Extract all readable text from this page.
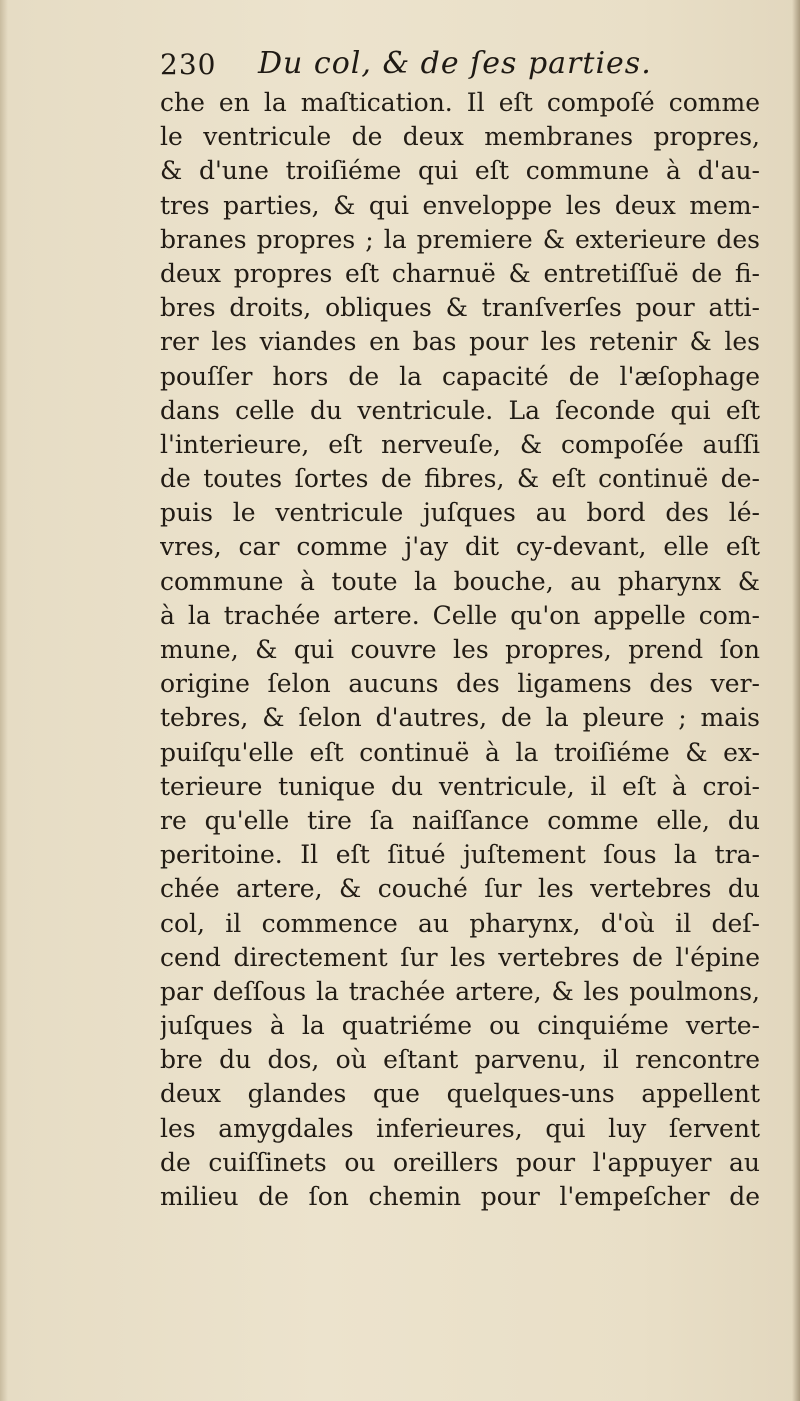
230 Du col, & de ſes parties.
che en la maſtication. Il eſt compoſé comme
le ventricule de deux membranes propres,
& d'une troiſiéme qui eſt commune à d'au-
tres parties, & qui enveloppe les deux mem-
branes propres ; la premiere & exterieure des
deux propres eſt charnuë & entretiſſuë de fi-
bres droits, obliques & tranſverſes pour atti-
rer les viandes en bas pour les retenir & les
pouſſer hors de la capacité de l'æſophage
dans celle du ventricule. La ſeconde qui eſt
l'interieure, eſt nerveuſe, & compoſée auſſi
de toutes ſortes de fibres, & eſt continuë de-
puis le ventricule juſques au bord des lé-
vres, car comme j'ay dit cy-devant, elle eſt
commune à toute la bouche, au pharynx &
à la trachée artere. Celle qu'on appelle com-
mune, & qui couvre les propres, prend ſon
origine ſelon aucuns des ligamens des ver-
tebres, & ſelon d'autres, de la pleure ; mais
puiſqu'elle eſt continuë à la troiſiéme & ex-
terieure tunique du ventricule, il eſt à croi-
re qu'elle tire ſa naiſſance comme elle, du
peritoine. Il eſt ſitué juſtement ſous la tra-
chée artere, & couché ſur les vertebres du
col, il commence au pharynx, d'où il deſ-
cend directement ſur les vertebres de l'épine
par deſſous la trachée artere, & les poulmons,
juſques à la quatriéme ou cinquiéme verte-
bre du dos, où eſtant parvenu, il rencontre
deux glandes que quelques-uns appellent
les amygdales inferieures, qui luy ſervent
de cuiſſinets ou oreillers pour l'appuyer au
milieu de ſon chemin pour l'empeſcher de
